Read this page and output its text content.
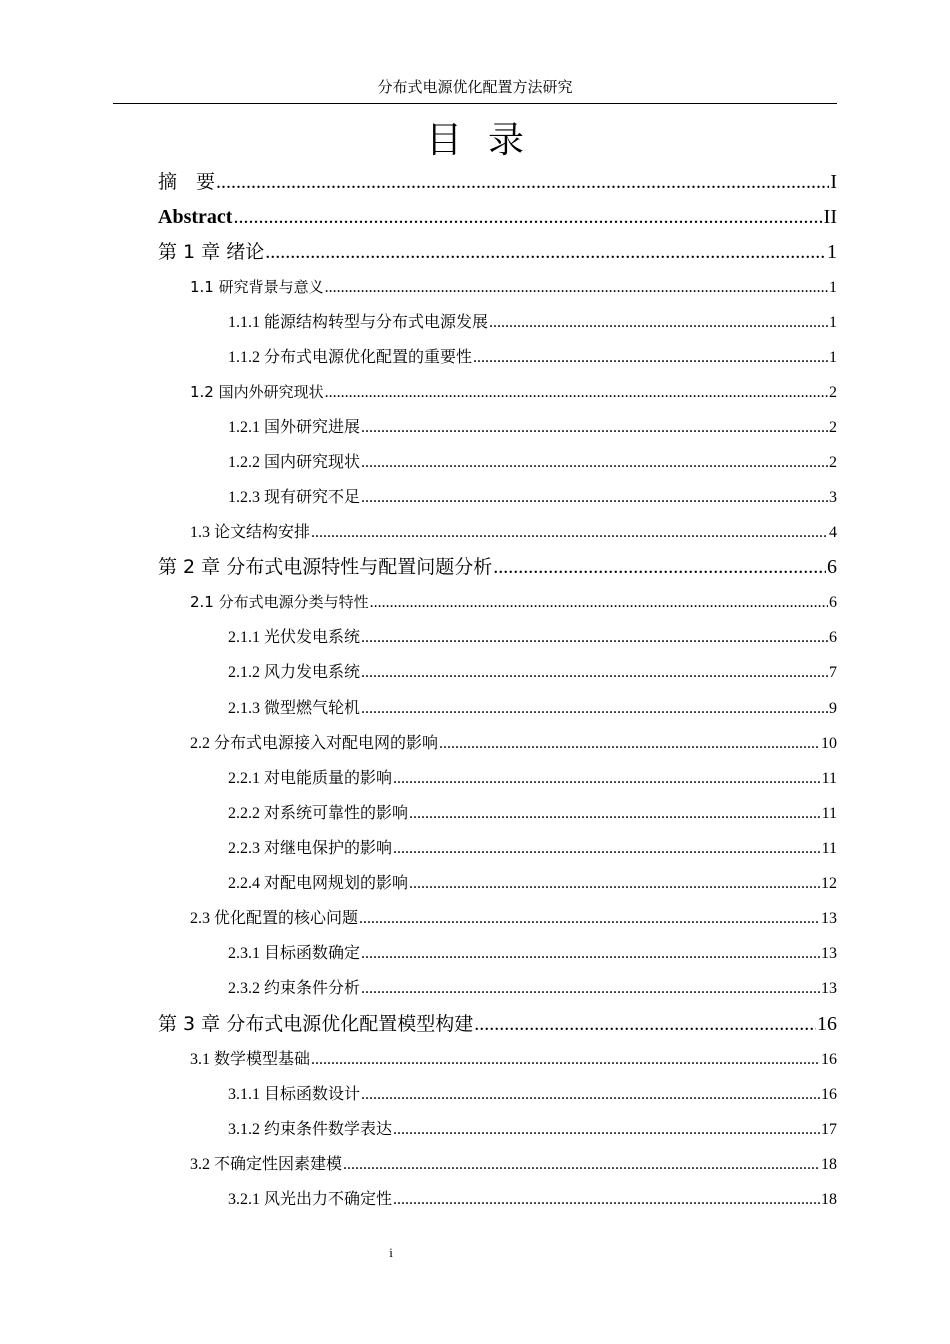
分布式电源优化配置方法研究
目录
摘　要 .....	I
Abstract .....	II
第 1 章 绪论 .....	1
1.1 研究背景与意义 .....	1
1.1.1 能源结构转型与分布式电源发展 .....	1
1.1.2 分布式电源优化配置的重要性 .....	1
1.2 国内外研究现状 .....	2
1.2.1 国外研究进展 .....	2
1.2.2 国内研究现状 .....	2
1.2.3 现有研究不足 .....	3
1.3 论文结构安排 .....	4
第 2 章 分布式电源特性与配置问题分析 .....	6
2.1 分布式电源分类与特性 .....	6
2.1.1 光伏发电系统 .....	6
2.1.2 风力发电系统 .....	7
2.1.3 微型燃气轮机 .....	9
2.2 分布式电源接入对配电网的影响 .....	10
2.2.1 对电能质量的影响 .....	11
2.2.2 对系统可靠性的影响 .....	11
2.2.3 对继电保护的影响 .....	11
2.2.4 对配电网规划的影响 .....	12
2.3 优化配置的核心问题 .....	13
2.3.1 目标函数确定 .....	13
2.3.2 约束条件分析 .....	13
第 3 章 分布式电源优化配置模型构建 .....	16
3.1 数学模型基础 .....	16
3.1.1 目标函数设计 .....	16
3.1.2 约束条件数学表达 .....	17
3.2 不确定性因素建模 .....	18
3.2.1 风光出力不确定性 .....	18
i
